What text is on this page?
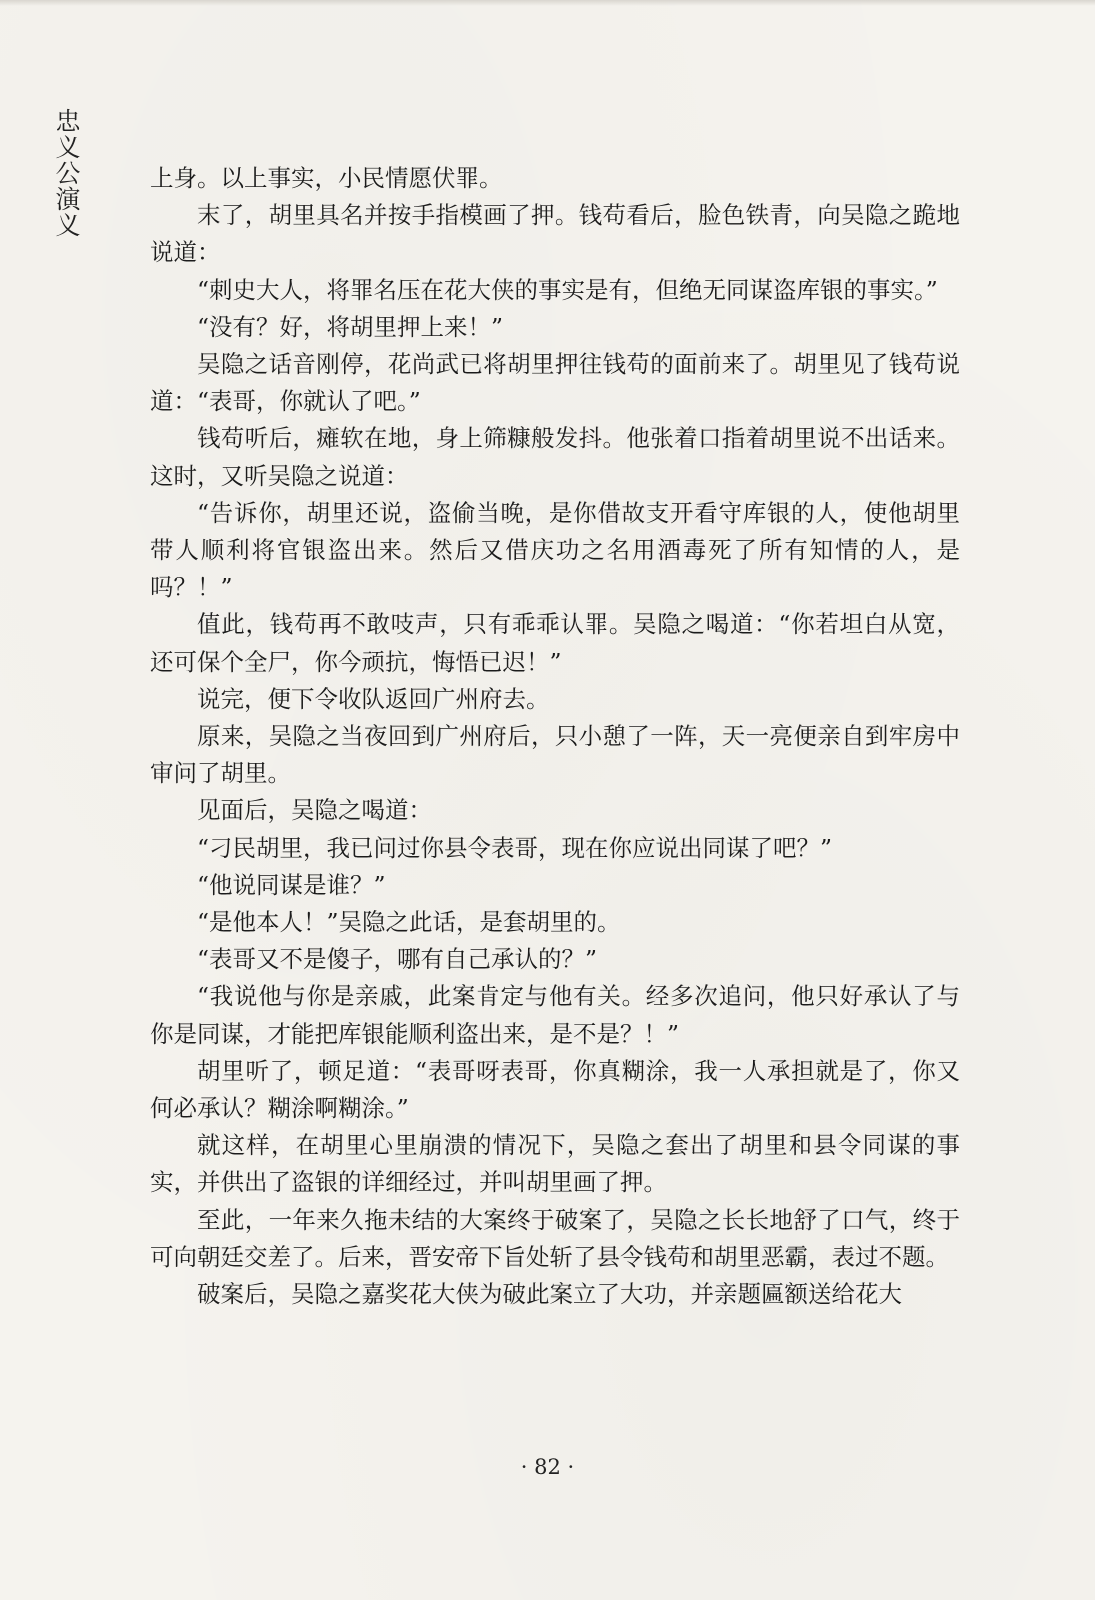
忠义公演义	上身。以上事实，小民情愿伏罪。

末了，胡里具名并按手指模画了押。钱苟看后，脸色铁青，向吴隐之跪地说道：

“刺史大人，将罪名压在花大侠的事实是有，但绝无同谋盗库银的事实。”

“没有？好，将胡里押上来！”

吴隐之话音刚停，花尚武已将胡里押往钱苟的面前来了。胡里见了钱苟说道：“表哥，你就认了吧。”

钱苟听后，瘫软在地，身上筛糠般发抖。他张着口指着胡里说不出话来。这时，又听吴隐之说道：

“告诉你，胡里还说，盗偷当晚，是你借故支开看守库银的人，使他胡里带人顺利将官银盗出来。然后又借庆功之名用酒毒死了所有知情的人，是吗？！”

值此，钱苟再不敢吱声，只有乖乖认罪。吴隐之喝道：“你若坦白从宽，还可保个全尸，你今顽抗，悔悟已迟！”

说完，便下令收队返回广州府去。

原来，吴隐之当夜回到广州府后，只小憩了一阵，天一亮便亲自到牢房中审问了胡里。

见面后，吴隐之喝道：

“刁民胡里，我已问过你县令表哥，现在你应说出同谋了吧？”

“他说同谋是谁？”

“是他本人！”吴隐之此话，是套胡里的。

“表哥又不是傻子，哪有自己承认的？”

“我说他与你是亲戚，此案肯定与他有关。经多次追问，他只好承认了与你是同谋，才能把库银能顺利盗出来，是不是？！”

胡里听了，顿足道：“表哥呀表哥，你真糊涂，我一人承担就是了，你又何必承认？糊涂啊糊涂。”

就这样，在胡里心里崩溃的情况下，吴隐之套出了胡里和县令同谋的事实，并供出了盗银的详细经过，并叫胡里画了押。

至此，一年来久拖未结的大案终于破案了，吴隐之长长地舒了口气，终于可向朝廷交差了。后来，晋安帝下旨处斩了县令钱苟和胡里恶霸，表过不题。

破案后，吴隐之嘉奖花大侠为破此案立了大功，并亲题匾额送给花大

· 82 ·
